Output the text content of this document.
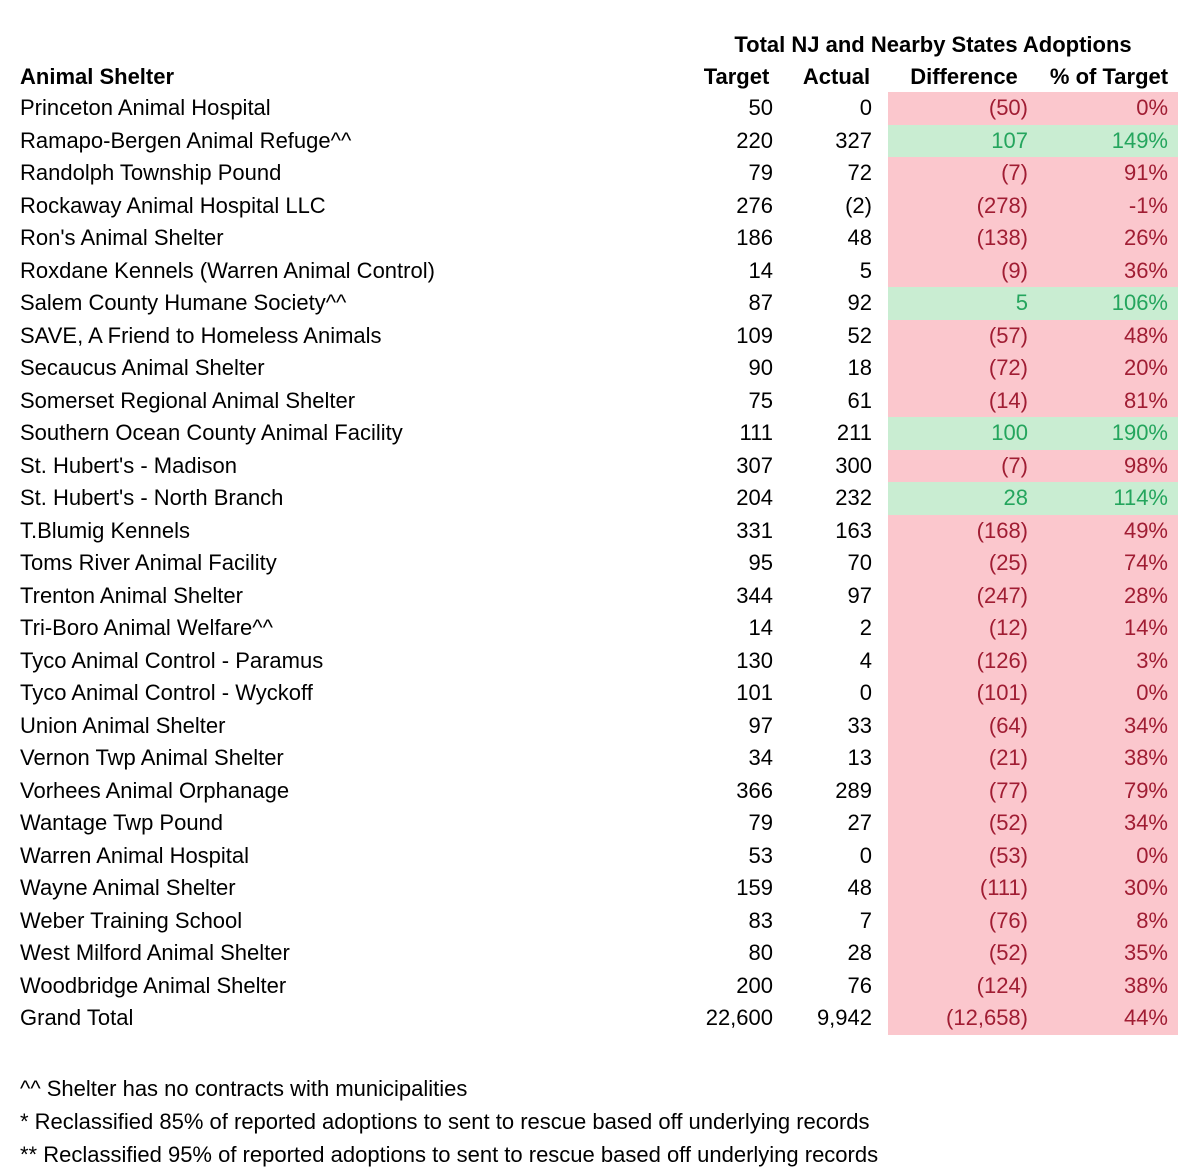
Total NJ and Nearby States Adoptions
Animal Shelter	Target	Actual	Difference	% of Target
Princeton Animal Hospital	50	0	(50)	0%
Ramapo-Bergen Animal Refuge^^	220	327	107	149%
Randolph Township Pound	79	72	(7)	91%
Rockaway Animal Hospital LLC	276	(2)	(278)	-1%
Ron's Animal Shelter	186	48	(138)	26%
Roxdane Kennels (Warren Animal Control)	14	5	(9)	36%
Salem County Humane Society^^	87	92	5	106%
SAVE, A Friend to Homeless Animals	109	52	(57)	48%
Secaucus Animal Shelter	90	18	(72)	20%
Somerset Regional Animal Shelter	75	61	(14)	81%
Southern Ocean County Animal Facility	111	211	100	190%
St. Hubert's - Madison	307	300	(7)	98%
St. Hubert's - North Branch	204	232	28	114%
T.Blumig Kennels	331	163	(168)	49%
Toms River Animal Facility	95	70	(25)	74%
Trenton Animal Shelter	344	97	(247)	28%
Tri-Boro Animal Welfare^^	14	2	(12)	14%
Tyco Animal Control - Paramus	130	4	(126)	3%
Tyco Animal Control - Wyckoff	101	0	(101)	0%
Union Animal Shelter	97	33	(64)	34%
Vernon Twp Animal Shelter	34	13	(21)	38%
Vorhees Animal Orphanage	366	289	(77)	79%
Wantage Twp Pound	79	27	(52)	34%
Warren Animal Hospital	53	0	(53)	0%
Wayne Animal Shelter	159	48	(111)	30%
Weber Training School	83	7	(76)	8%
West Milford Animal Shelter	80	28	(52)	35%
Woodbridge Animal Shelter	200	76	(124)	38%
Grand Total	22,600	9,942	(12,658)	44%
^^ Shelter has no contracts with municipalities
* Reclassified 85% of reported adoptions to sent to rescue based off underlying records
** Reclassified 95% of reported adoptions to sent to rescue based off underlying records
